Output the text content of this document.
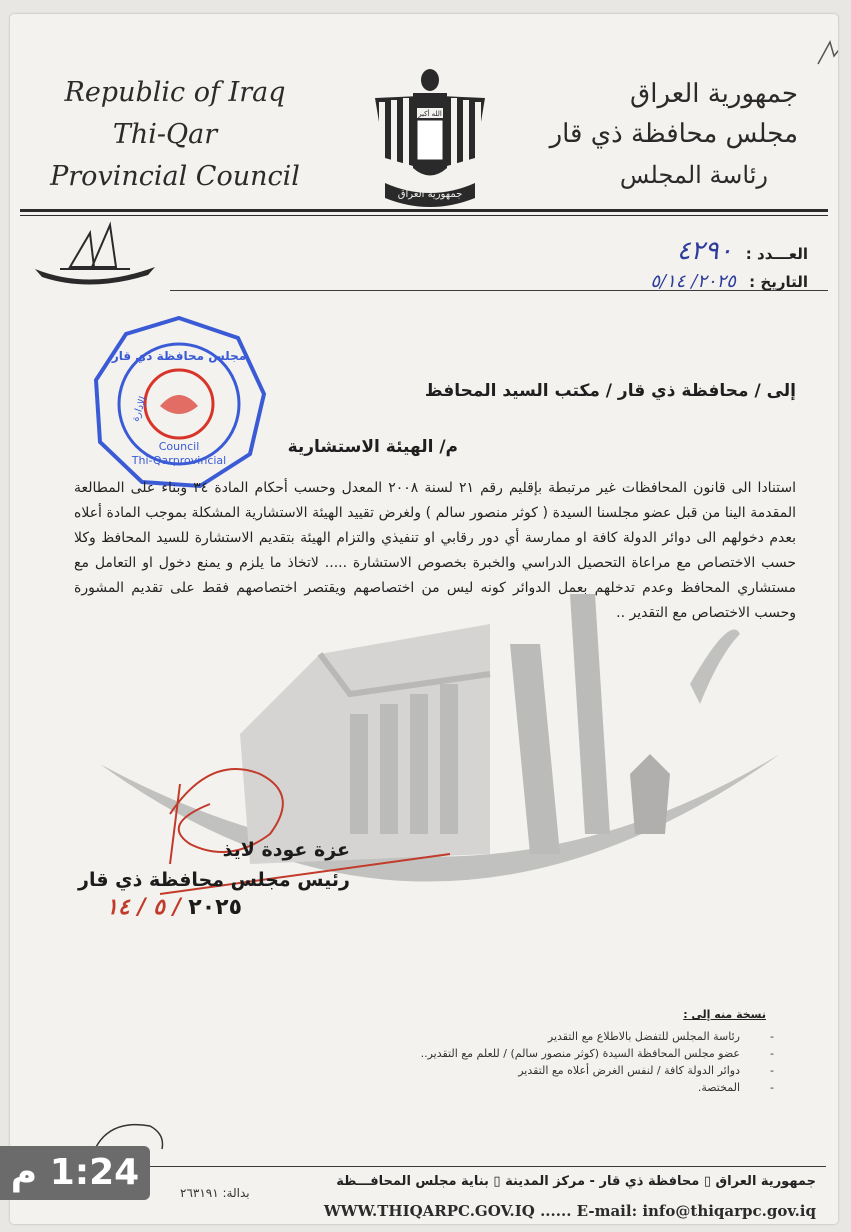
Republic of Iraq
Thi-Qar
Provincial Council
الله أكبر
جمهورية العراق
جمهورية العراق
مجلس محافظة ذي قار
رئاسة المجلس
العـــدد : ٤٢٩٠
التاريخ : ٢٠٢٥/ ٥/١٤
مجلس محافظة ذي قار
الإدارة
Council
Thi-Qarprovincial
إلى / محافظة ذي قار / مكتب السيد المحافظ
م/ الهيئة الاستشارية
استنادا الى قانون المحافظات غير مرتبطة بإقليم رقم ٢١ لسنة ٢٠٠٨ المعدل وحسب أحكام المادة ٣٤ وبناء على المطالعة المقدمة الينا من قبل عضو مجلسنا السيدة ( كوثر منصور سالم ) ولغرض تقييد الهيئة الاستشارية المشكلة بموجب المادة أعلاه بعدم دخولهم الى دوائر الدولة كافة او ممارسة أي دور رقابي او تنفيذي والتزام الهيئة بتقديم الاستشارة للسيد المحافظ وكلا حسب الاختصاص مع مراعاة التحصيل الدراسي والخبرة بخصوص الاستشارة ..... لاتخاذ ما يلزم و يمنع دخول او التعامل مع مستشاري المحافظ وعدم تدخلهم بعمل الدوائر كونه ليس من اختصاصهم ويقتصر اختصاصهم فقط على تقديم المشورة وحسب الاختصاص مع التقدير ..
عزة عودة لايذ
رئيس مجلس محافظة ذي قار
٢٠٢٥ / ٥ / ١٤
نسخة منه إلى :
رئاسة المجلس للتفضل بالاطلاع مع التقدير -
عضو مجلس المحافظة السيدة (كوثر منصور سالم) / للعلم مع التقدير.. -
دوائر الدولة كافة / لنفس الغرض أعلاه مع التقدير -
المختصة. -
جمهورية العراق ▯ محافظة ذي قار - مركز المدينة ▯ بناية مجلس المحافـــظة
WWW.THIQARPC.GOV.IQ ...... E-mail: info@thiqarpc.gov.iq
بدالة: ٢٦٣١٩١
1:24 م
